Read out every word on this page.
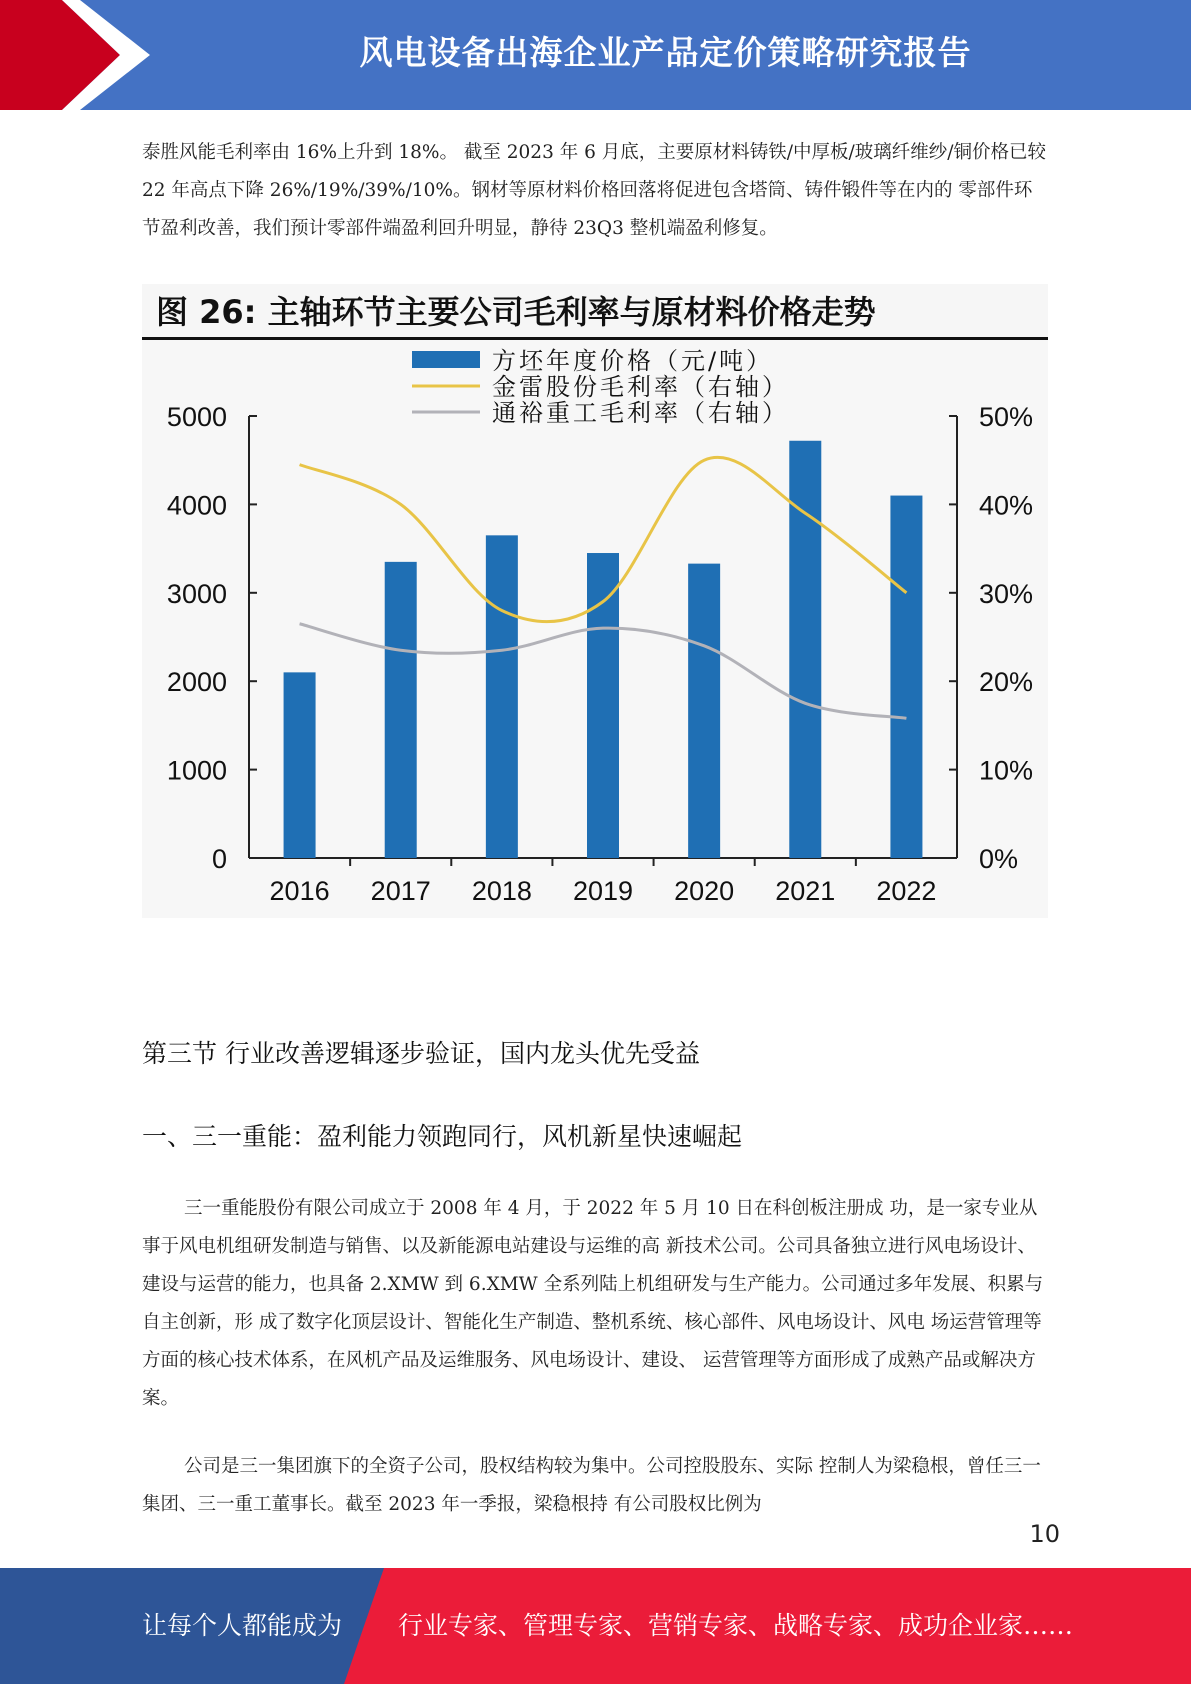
风电设备出海企业产品定价策略研究报告

泰胜风能毛利率由 16%上升到 18%。 截至 2023 年 6 月底，主要原材料铸铁/中厚板/玻璃纤维纱/铜价格已较 22 年高点下降 26%/19%/39%/10%。钢材等原材料价格回落将促进包含塔筒、铸件锻件等在内的 零部件环节盈利改善，我们预计零部件端盈利回升明显，静待 23Q3 整机端盈利修复。

图 26: 主轴环节主要公司毛利率与原材料价格走势
0
1000
2000
3000
4000
5000
0%
10%
20%
30%
40%
50%
2016 2017 2018 2019 2020 2021 2022
方坯年度价格（元/吨）
金雷股份毛利率（右轴）
通裕重工毛利率（右轴）
第三节 行业改善逻辑逐步验证，国内龙头优先受益
一、三一重能：盈利能力领跑同行，风机新星快速崛起

三一重能股份有限公司成立于 2008 年 4 月，于 2022 年 5 月 10 日在科创板注册成 功，是一家专业从事于风电机组研发制造与销售、以及新能源电站建设与运维的高 新技术公司。公司具备独立进行风电场设计、建设与运营的能力，也具备 2.XMW 到 6.XMW 全系列陆上机组研发与生产能力。公司通过多年发展、积累与自主创新，形 成了数字化顶层设计、智能化生产制造、整机系统、核心部件、风电场设计、风电 场运营管理等方面的核心技术体系，在风机产品及运维服务、风电场设计、建设、 运营管理等方面形成了成熟产品或解决方案。

公司是三一集团旗下的全资子公司，股权结构较为集中。公司控股股东、实际 控制人为梁稳根，曾任三一集团、三一重工董事长。截至 2023 年一季报，梁稳根持 有公司股权比例为

10
让每个人都能成为 行业专家、管理专家、营销专家、战略专家、成功企业家……
